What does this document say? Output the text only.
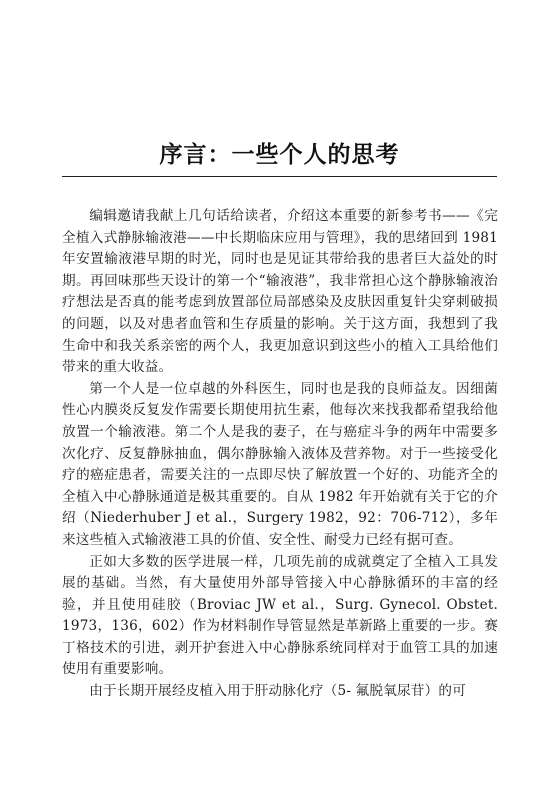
序言：一些个人的思考

编辑邀请我献上几句话给读者，介绍这本重要的新参考书——《完全植入式静脉输液港——中长期临床应用与管理》，我的思绪回到 1981 年安置输液港早期的时光，同时也是见证其带给我的患者巨大益处的时期。再回味那些天设计的第一个“输液港”，我非常担心这个静脉输液治疗想法是否真的能考虑到放置部位局部感染及皮肤因重复针尖穿刺破损的问题，以及对患者血管和生存质量的影响。关于这方面，我想到了我生命中和我关系亲密的两个人，我更加意识到这些小的植入工具给他们带来的重大收益。

第一个人是一位卓越的外科医生，同时也是我的良师益友。因细菌性心内膜炎反复发作需要长期使用抗生素，他每次来找我都希望我给他放置一个输液港。第二个人是我的妻子，在与癌症斗争的两年中需要多次化疗、反复静脉抽血，偶尔静脉输入液体及营养物。对于一些接受化疗的癌症患者，需要关注的一点即尽快了解放置一个好的、功能齐全的全植入中心静脉通道是极其重要的。自从 1982 年开始就有关于它的介绍（Niederhuber J et al.，Surgery 1982，92：706-712），多年来这些植入式输液港工具的价值、安全性、耐受力已经有据可查。

正如大多数的医学进展一样，几项先前的成就奠定了全植入工具发展的基础。当然，有大量使用外部导管接入中心静脉循环的丰富的经验，并且使用硅胶（Broviac JW et al.，Surg. Gynecol. Obstet. 1973，136，602）作为材料制作导管显然是革新路上重要的一步。赛丁格技术的引进，剥开护套进入中心静脉系统同样对于血管工具的加速使用有重要影响。

由于长期开展经皮植入用于肝动脉化疗（5- 氟脱氧尿苷）的可
